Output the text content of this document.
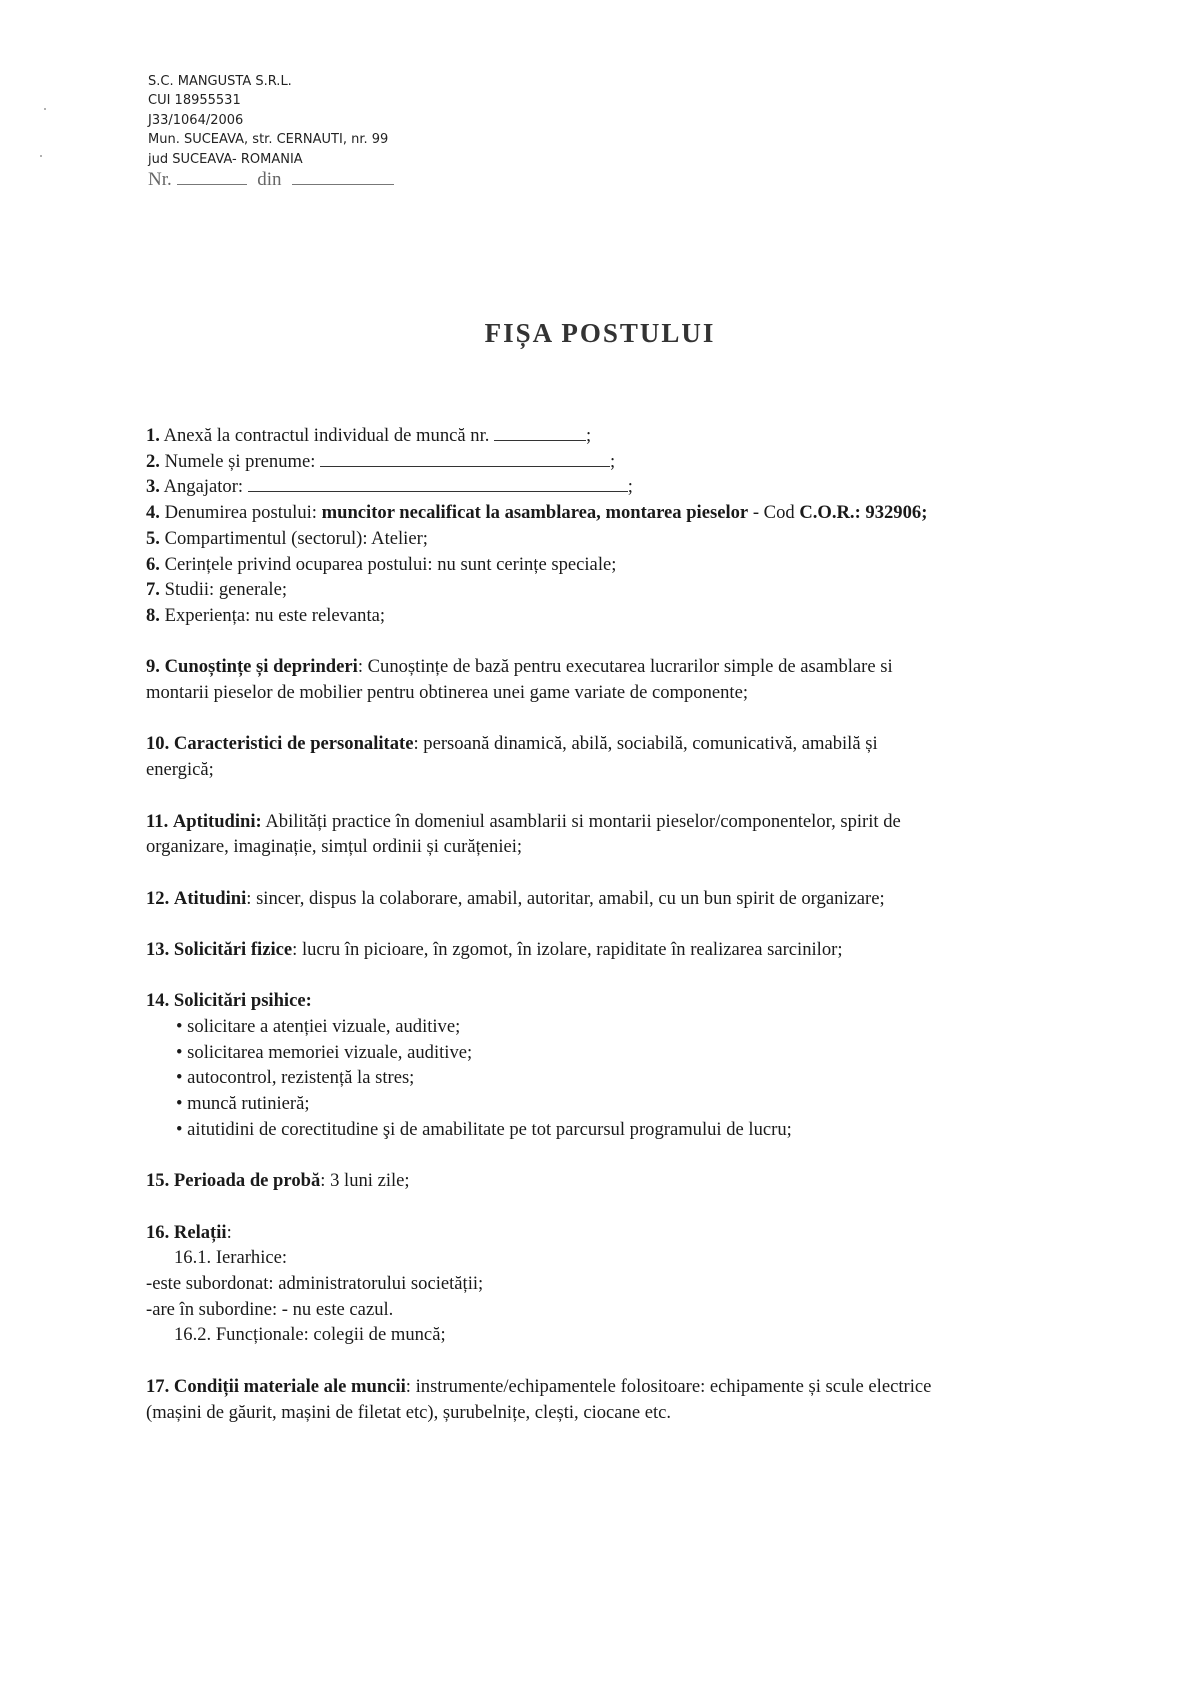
S.C. MANGUSTA S.R.L.
CUI 18955531
J33/1064/2006
Mun. SUCEAVA, str. CERNAUTI, nr. 99
jud SUCEAVA- ROMANIA
Nr.	din
FIȘA POSTULUI
1. Anexă la contractul individual de muncă nr.	;
2. Numele și prenume:	;
3. Angajator:	;
4. Denumirea postului: muncitor necalificat la asamblarea, montarea pieselor - Cod C.O.R.: 932906;
5. Compartimentul (sectorul): Atelier;
6. Cerințele privind ocuparea postului: nu sunt cerințe speciale;
7. Studii: generale;
8. Experiența: nu este relevanta;
9. Cunoștințe și deprinderi: Cunoștințe de bază pentru executarea lucrarilor simple de asamblare si
montarii pieselor de mobilier pentru obtinerea unei game variate de componente;
10. Caracteristici de personalitate: persoană dinamică, abilă, sociabilă, comunicativă, amabilă și
energică;
11. Aptitudini: Abilități practice în domeniul asamblarii si montarii pieselor/componentelor, spirit de
organizare, imaginație, simțul ordinii și curățeniei;
12. Atitudini: sincer, dispus la colaborare, amabil, autoritar, amabil, cu un bun spirit de organizare;
13. Solicitări fizice: lucru în picioare, în zgomot, în izolare, rapiditate în realizarea sarcinilor;
14. Solicitări psihice:
• solicitare a atenției vizuale, auditive;
• solicitarea memoriei vizuale, auditive;
• autocontrol, rezistență la stres;
• muncă rutinieră;
• aitutidini de corectitudine şi de amabilitate pe tot parcursul programului de lucru;
15. Perioada de probă: 3 luni zile;
16. Relații:
16.1. Ierarhice:
-este subordonat: administratorului societății;
-are în subordine: - nu este cazul.
16.2. Funcționale: colegii de muncă;
17. Condiții materiale ale muncii: instrumente/echipamentele folositoare: echipamente și scule electrice
(mașini de găurit, mașini de filetat etc), șurubelnițe, clești, ciocane etc.
